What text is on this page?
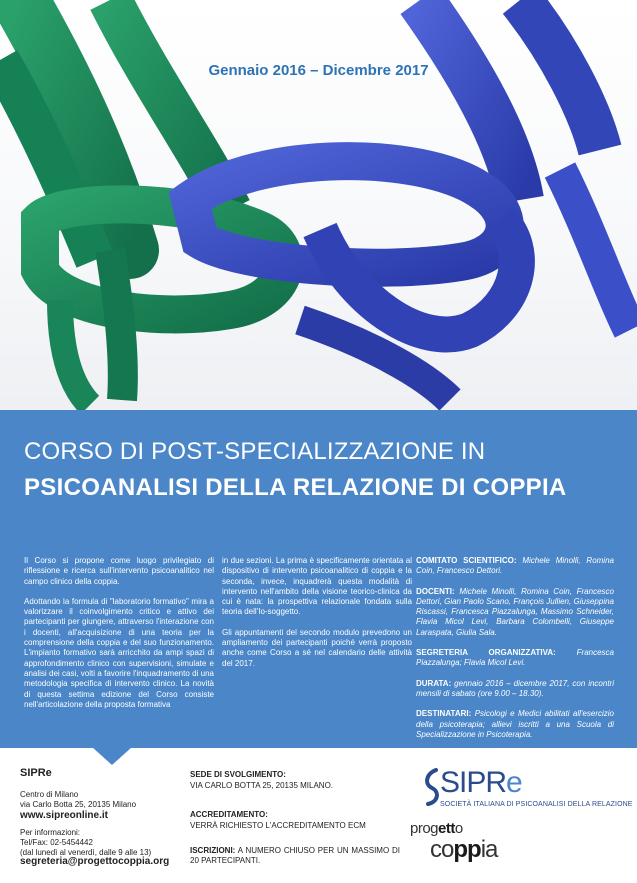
Gennaio 2016 – Dicembre 2017
CORSO DI POST-SPECIALIZZAZIONE IN
PSICOANALISI DELLA RELAZIONE DI COPPIA

Il Corso si propone come luogo privilegiato di riflessione e ricerca sull'intervento psicoanalitico nel campo clinico della coppia.

Adottando la formula di "laboratorio formativo" mira a valorizzare il coinvolgimento critico e attivo dei partecipanti per giungere, attraverso l'interazione con i docenti, all'acquisizione di una teoria per la comprensione della coppia e del suo funzionamento. L'impianto formativo sarà arricchito da ampi spazi di approfondimento clinico con supervisioni, simulate e analisi dei casi, volti a favorire l'inquadramento di una metodologia specifica di intervento clinico. La novità di questa settima edizione del Corso consiste nell'articolazione della proposta formativa

in due sezioni. La prima è specificamente orientata al dispositivo di intervento psicoanalitico di coppia e la seconda, invece, inquadrerà questa modalità di intervento nell'ambito della visione teorico-clinica da cui è nata: la prospettiva relazionale fondata sulla teoria dell'Io-soggetto.

Gli appuntamenti del secondo modulo prevedono un ampliamento dei partecipanti poiché verrà proposto anche come Corso a sé nel calendario delle attività del 2017.

COMITATO SCIENTIFICO: Michele Minolli, Romina Coin, Francesco Dettori.

DOCENTI: Michele Minolli, Romina Coin, Francesco Dettori, Gian Paolo Scano, François Jullien, Giuseppina Riscassi, Francesca Piazzalunga, Massimo Schneider, Flavia Micol Levi, Barbara Colombelli, Giuseppe Laraspata, Giulia Sala.

SEGRETERIA ORGANIZZATIVA:	Francesca Piazzalunga; Flavia Micol Levi.

DURATA: gennaio 2016 – dicembre 2017, con incontri mensili di sabato (ore 9.00 – 18.30).

DESTINATARI: Psicologi e Medici abilitati all'esercizio della psicoterapia; allievi iscritti a una Scuola di Specializzazione in Psicoterapia.

SIPRe
Centro di Milano
via Carlo Botta 25, 20135 Milano
www.sipreonline.it
Per informazioni:
Tel/Fax: 02-5454442
(dal lunedì al venerdì, dalle 9 alle 13)
segreteria@progettocoppia.org
SEDE DI SVOLGIMENTO:
VIA CARLO BOTTA 25, 20135 MILANO.
ACCREDITAMENTO:
VERRÀ RICHIESTO L'ACCREDITAMENTO ECM
ISCRIZIONI: A NUMERO CHIUSO PER UN MASSIMO DI 20 PARTECIPANTI.
SIPRe
SOCIETÀ ITALIANA DI PSICOANALISI DELLA RELAZIONE
progetto
coppia
